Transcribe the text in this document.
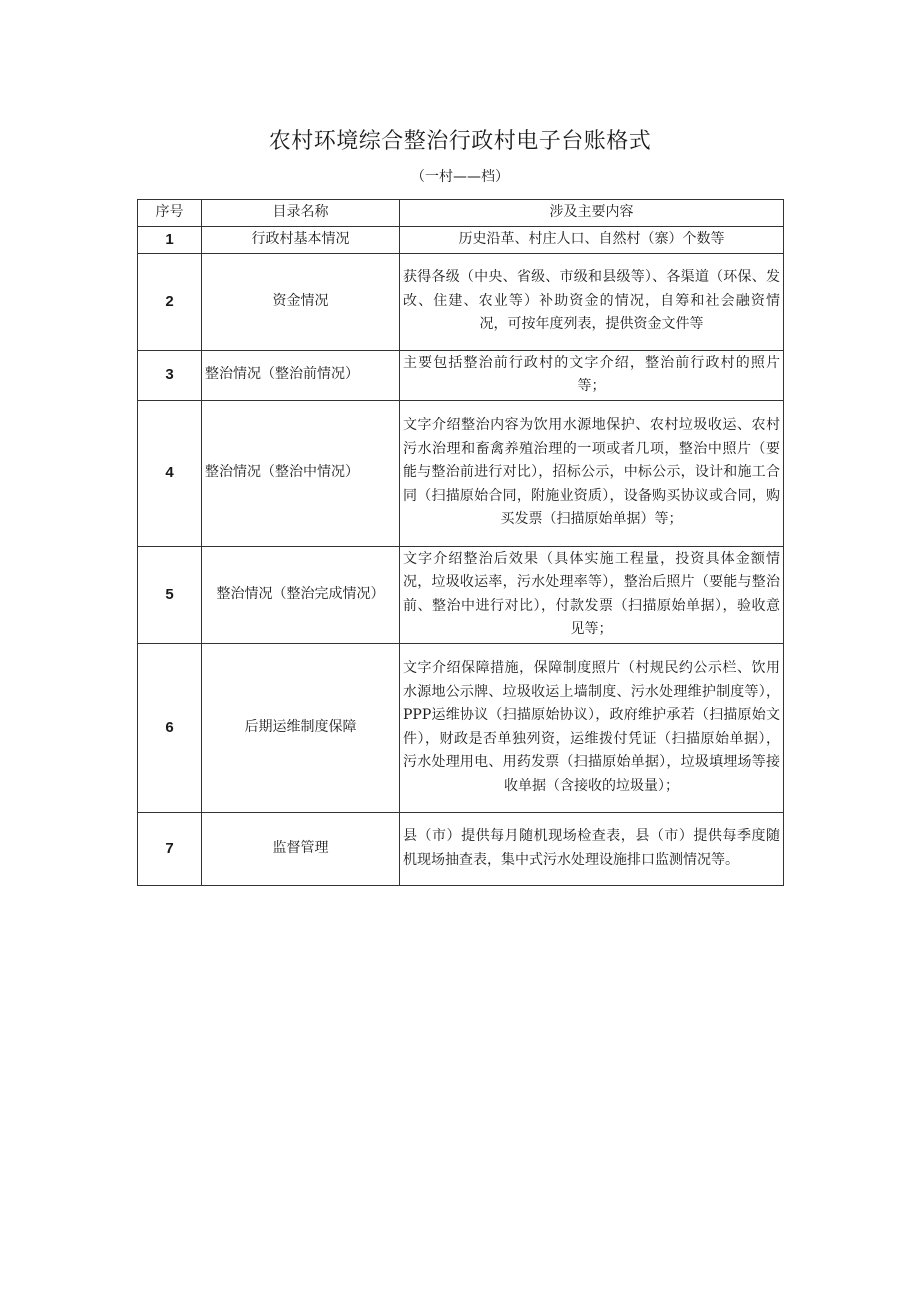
农村环境综合整治行政村电子台账格式
（一村——档）
序号	目录名称	涉及主要内容
1	行政村基本情况	历史沿革、村庄人口、自然村（寨）个数等
2	资金情况	获得各级（中央、省级、市级和县级等）、各渠道（环保、发改、住建、农业等）补助资金的情况，自筹和社会融资情况，可按年度列表，提供资金文件等
3	整治情况（整治前情况）	主要包括整治前行政村的文字介绍，整治前行政村的照片等；
4	整治情况（整治中情况）	文字介绍整治内容为饮用水源地保护、农村垃圾收运、农村污水治理和畜禽养殖治理的一项或者几项，整治中照片（要能与整治前进行对比），招标公示，中标公示，设计和施工合同（扫描原始合同，附施业资质），设备购买协议或合同，购买发票（扫描原始单据）等；
5	整治情况（整治完成情况）	文字介绍整治后效果（具体实施工程量，投资具体金额情况，垃圾收运率，污水处理率等），整治后照片（要能与整治前、整治中进行对比），付款发票（扫描原始单据），验收意见等；
6	后期运维制度保障	文字介绍保障措施，保障制度照片（村规民约公示栏、饮用水源地公示牌、垃圾收运上墙制度、污水处理维护制度等），PPP运维协议（扫描原始协议），政府维护承若（扫描原始文件），财政是否单独列资，运维拨付凭证（扫描原始单据），污水处理用电、用药发票（扫描原始单据），垃圾填埋场等接收单据（含接收的垃圾量）；
7	监督管理	县（市）提供每月随机现场检查表，县（市）提供每季度随机现场抽查表，集中式污水处理设施排口监测情况等。
